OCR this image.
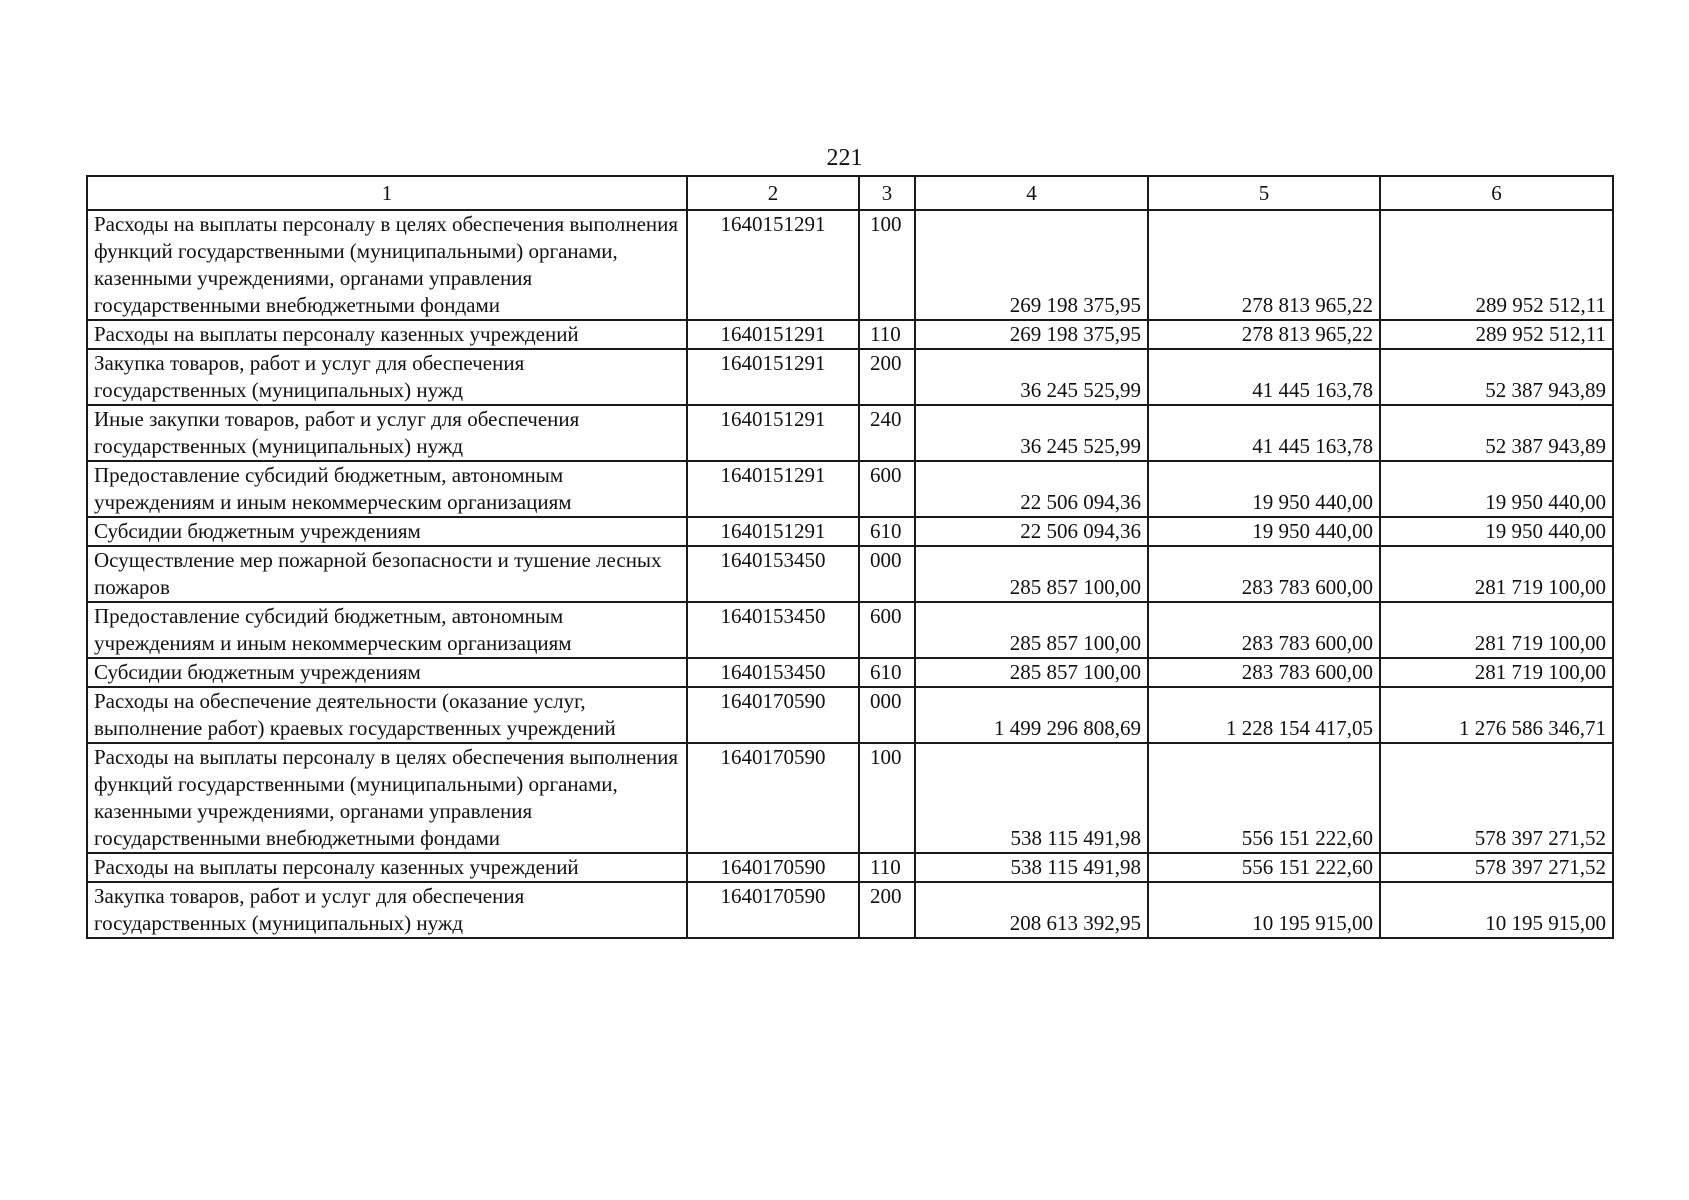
221
1	2	3	4	5	6
Расходы на выплаты персоналу в целях обеспечения выполнения функций государственными (муниципальными) органами, казенными учреждениями, органами управления государственными внебюджетными фондами	1640151291	100	269 198 375,95	278 813 965,22	289 952 512,11
Расходы на выплаты персоналу казенных учреждений	1640151291	110	269 198 375,95	278 813 965,22	289 952 512,11
Закупка товаров, работ и услуг для обеспечения государственных (муниципальных) нужд	1640151291	200	36 245 525,99	41 445 163,78	52 387 943,89
Иные закупки товаров, работ и услуг для обеспечения государственных (муниципальных) нужд	1640151291	240	36 245 525,99	41 445 163,78	52 387 943,89
Предоставление субсидий бюджетным, автономным учреждениям и иным некоммерческим организациям	1640151291	600	22 506 094,36	19 950 440,00	19 950 440,00
Субсидии бюджетным учреждениям	1640151291	610	22 506 094,36	19 950 440,00	19 950 440,00
Осуществление мер пожарной безопасности и тушение лесных пожаров	1640153450	000	285 857 100,00	283 783 600,00	281 719 100,00
Предоставление субсидий бюджетным, автономным учреждениям и иным некоммерческим организациям	1640153450	600	285 857 100,00	283 783 600,00	281 719 100,00
Субсидии бюджетным учреждениям	1640153450	610	285 857 100,00	283 783 600,00	281 719 100,00
Расходы на обеспечение деятельности (оказание услуг, выполнение работ) краевых государственных учреждений	1640170590	000	1 499 296 808,69	1 228 154 417,05	1 276 586 346,71
Расходы на выплаты персоналу в целях обеспечения выполнения функций государственными (муниципальными) органами, казенными учреждениями, органами управления государственными внебюджетными фондами	1640170590	100	538 115 491,98	556 151 222,60	578 397 271,52
Расходы на выплаты персоналу казенных учреждений	1640170590	110	538 115 491,98	556 151 222,60	578 397 271,52
Закупка товаров, работ и услуг для обеспечения государственных (муниципальных) нужд	1640170590	200	208 613 392,95	10 195 915,00	10 195 915,00
